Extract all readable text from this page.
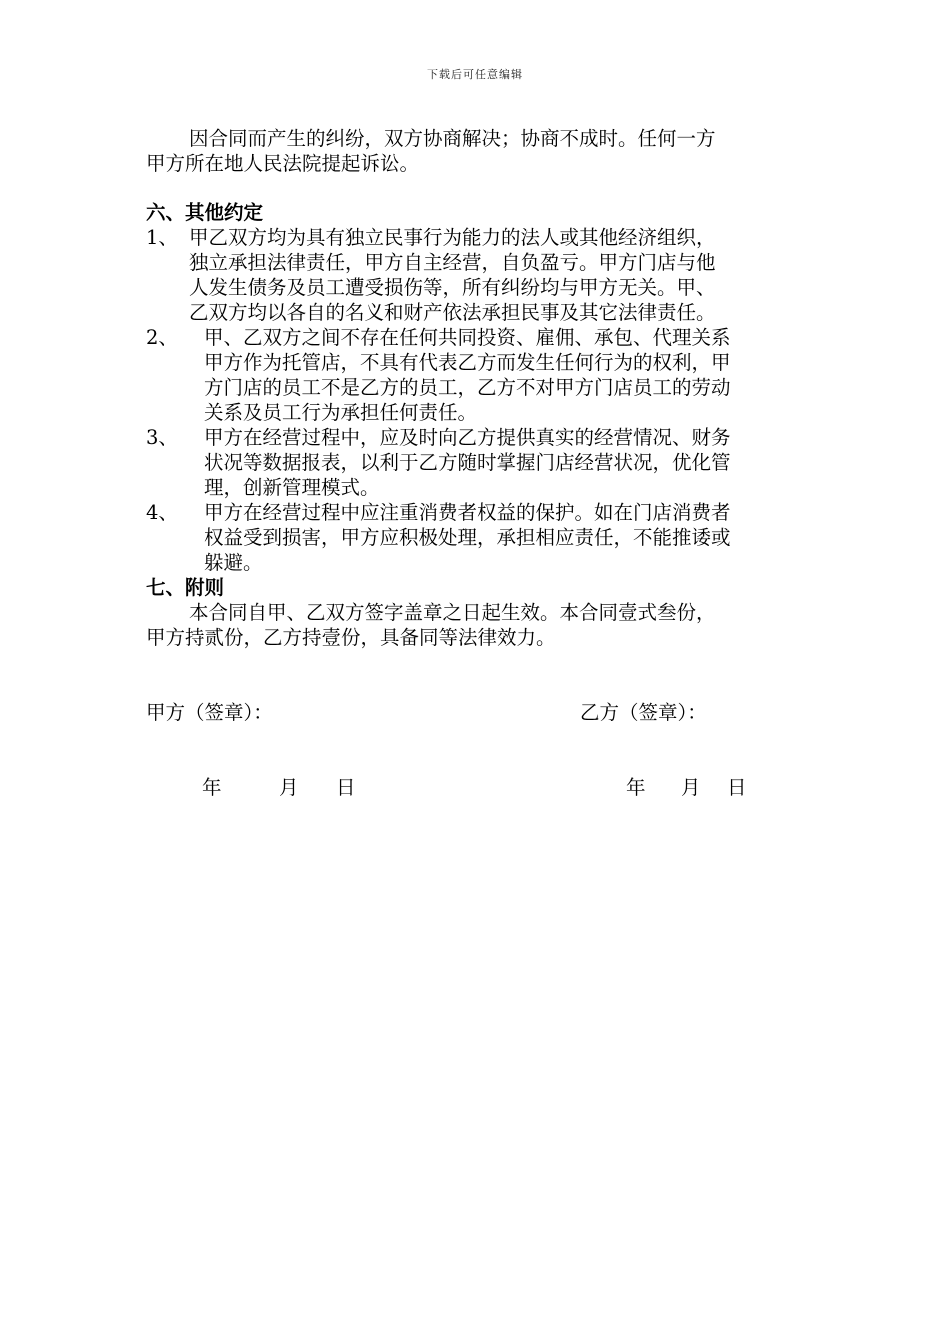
下载后可任意编辑
因合同而产生的纠纷，双方协商解决；协商不成时。任何一方
甲方所在地人民法院提起诉讼。
六、其他约定
1、 甲乙双方均为具有独立民事行为能力的法人或其他经济组织，
独立承担法律责任，甲方自主经营，自负盈亏。甲方门店与他
人发生债务及员工遭受损伤等，所有纠纷均与甲方无关。甲、
乙双方均以各自的名义和财产依法承担民事及其它法律责任。
2、	甲、乙双方之间不存在任何共同投资、雇佣、承包、代理关系
甲方作为托管店，不具有代表乙方而发生任何行为的权利，甲
方门店的员工不是乙方的员工，乙方不对甲方门店员工的劳动
关系及员工行为承担任何责任。
3、	甲方在经营过程中，应及时向乙方提供真实的经营情况、财务
状况等数据报表，以利于乙方随时掌握门店经营状况，优化管
理，创新管理模式。
4、	甲方在经营过程中应注重消费者权益的保护。如在门店消费者
权益受到损害，甲方应积极处理，承担相应责任，不能推诿或
躲避。
七、附则
本合同自甲、乙双方签字盖章之日起生效。本合同壹式叁份，
甲方持贰份，乙方持壹份，具备同等法律效力。
甲方（签章）：	乙方（签章）：
年	月 日	年 月 日
